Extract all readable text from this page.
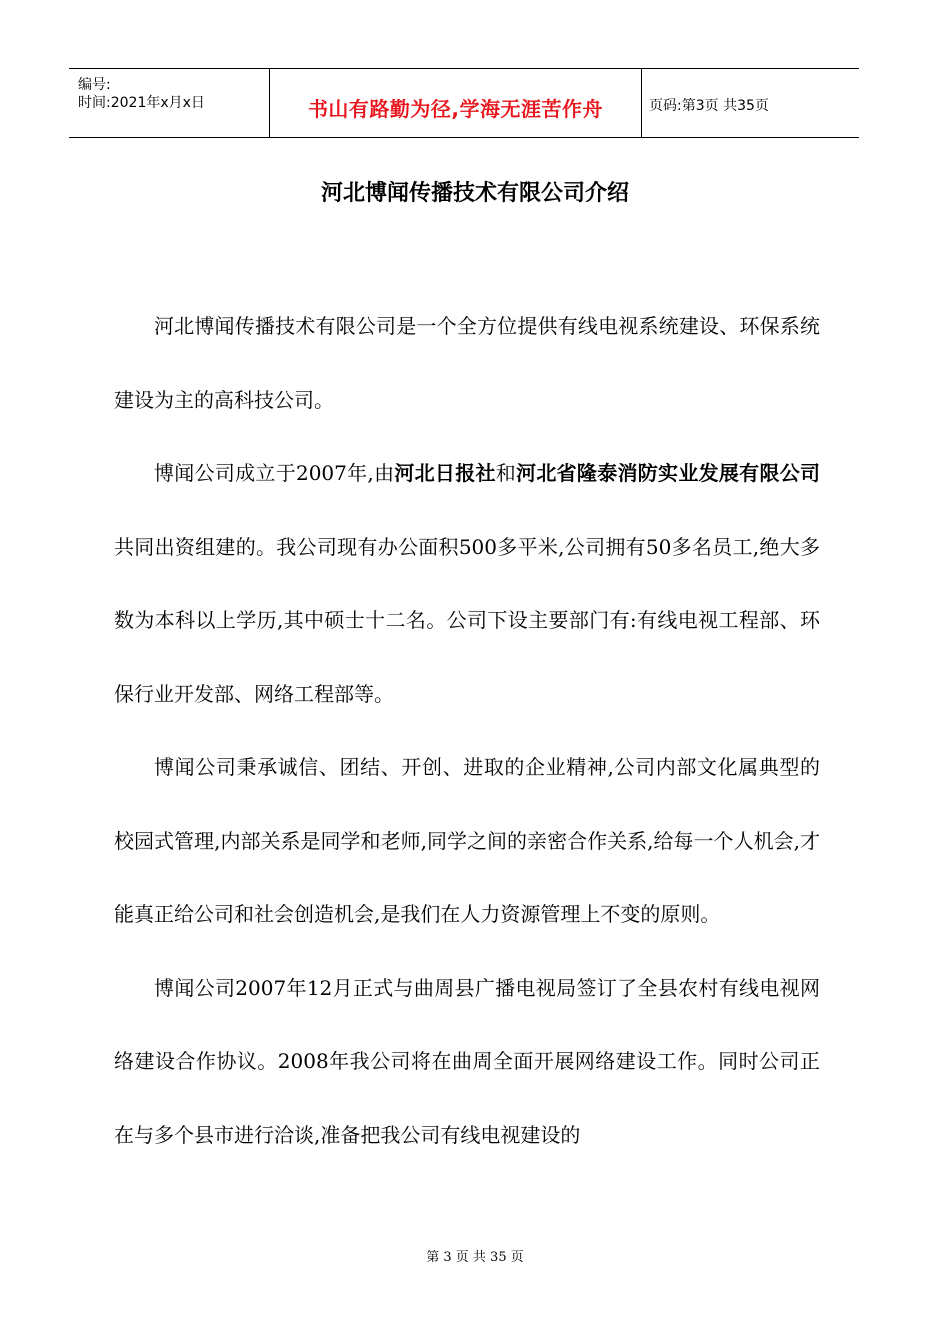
编号:
时间:2021年x月x日	书山有路勤为径,学海无涯苦作舟	页码:第3页 共35页
河北博闻传播技术有限公司介绍

河北博闻传播技术有限公司是一个全方位提供有线电视系统建设、环保系统建设为主的高科技公司。

博闻公司成立于2007年,由河北日报社和河北省隆泰消防实业发展有限公司共同出资组建的。我公司现有办公面积500多平米,公司拥有50多名员工,绝大多数为本科以上学历,其中硕士十二名。公司下设主要部门有:有线电视工程部、环保行业开发部、网络工程部等。

博闻公司秉承诚信、团结、开创、进取的企业精神,公司内部文化属典型的校园式管理,内部关系是同学和老师,同学之间的亲密合作关系,给每一个人机会,才能真正给公司和社会创造机会,是我们在人力资源管理上不变的原则。

博闻公司2007年12月正式与曲周县广播电视局签订了全县农村有线电视网络建设合作协议。2008年我公司将在曲周全面开展网络建设工作。同时公司正在与多个县市进行洽谈,准备把我公司有线电视建设的

第 3 页 共 35 页
